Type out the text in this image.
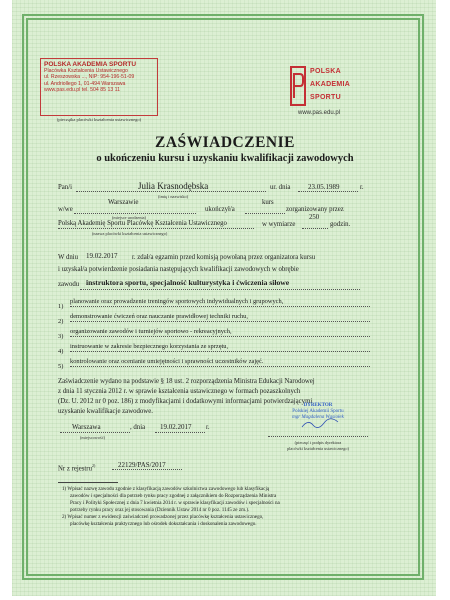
POLSKA AKADEMIA SPORTU
Placówka Kształcenia Ustawicznego
ul. Rzeszowska ..., NIP: 954-196-51-09
ul. Andriollego 1, 01-494 Warszawa
www.pas.edu.pl tel. 504 85 13 11
(pieczątka placówki kształcenia ustawicznego)
POLSKA
AKADEMIA
SPORTU
www.pas.edu.pl
ZAŚWIADCZENIE
o ukończeniu kursu i uzyskaniu kwalifikacji zawodowych
Pan/i	Julia Krasnodębska	ur. dnia	23.05.1989	r.
(imię i nazwisko)
w/we
Warszawie
(miejsce urodzenia)
ukończył/a
kurs
zorganizowany przez
Polską Akademię Sportu Placówkę Kształcenia Ustawicznego
(nazwa placówki kształcenia ustawicznego)
w wymiarze
250
godzin.
W dniu 19.02.2017 r. zdał/a egzamin przed komisją powołaną przez organizatora kursu
i uzyskał/a potwierdzenie posiadania następujących kwalifikacji zawodowych w obrębie
zawodu instruktora sportu, specjalność kulturystyka i ćwiczenia siłowe
1)
planowanie oraz prowadzenie treningów sportowych indywidualnych i grupowych,
2)
demonstrowanie ćwiczeń oraz nauczanie prawidłowej techniki ruchu,
3)
organizowanie zawodów i turniejów sportowo - rekreacyjnych,
4)
instruowanie w zakresie bezpiecznego korzystania ze sprzętu,
5)
kontrolowanie oraz ocenianie umiejętności i sprawności uczestników zajęć.
Zaświadczenie wydano na podstawie § 18 ust. 2 rozporządzenia Ministra Edukacji Narodowej
z dnia 11 stycznia 2012 r. w sprawie kształcenia ustawicznego w formach pozaszkolnych
(Dz. U. 2012 nr 0 poz. 186) z modyfikacjami i dodatkowymi informacjami potwierdzającymi
uzyskanie kwalifikacje zawodowe.
Warszawa	, dnia 19.02.2017 r.
(miejscowość)
DYREKTOR
Polskiej Akademii Sportu
mgr Magdalena Wąsiołek
(pieczęć i podpis dyrektora
placówki kształcenia ustawicznego)
Nr z rejestru$^{2)}$	22129/PAS/2017
1) Wpisać nazwę zawodu zgodnie z klasyfikacją zawodów szkolnictwa zawodowego lub klasyfikacją
zawodów i specjalności dla potrzeb rynku pracy zgodnej z załącznikiem do Rozporządzenia Ministra
Pracy i Polityki Społecznej z dnia 7 kwietnia 2014 r. w sprawie klasyfikacji zawodów i specjalności na
potrzeby rynku pracy oraz jej stosowania (Dziennik Ustaw 2014 nr 0 poz. 1145 ze zm.).
2) Wpisać numer z ewidencji zaświadczeń prowadzonej przez placówkę kształcenia ustawicznego,
placówkę kształcenia praktycznego lub ośrodek dokształcania i doskonalenia zawodowego.
